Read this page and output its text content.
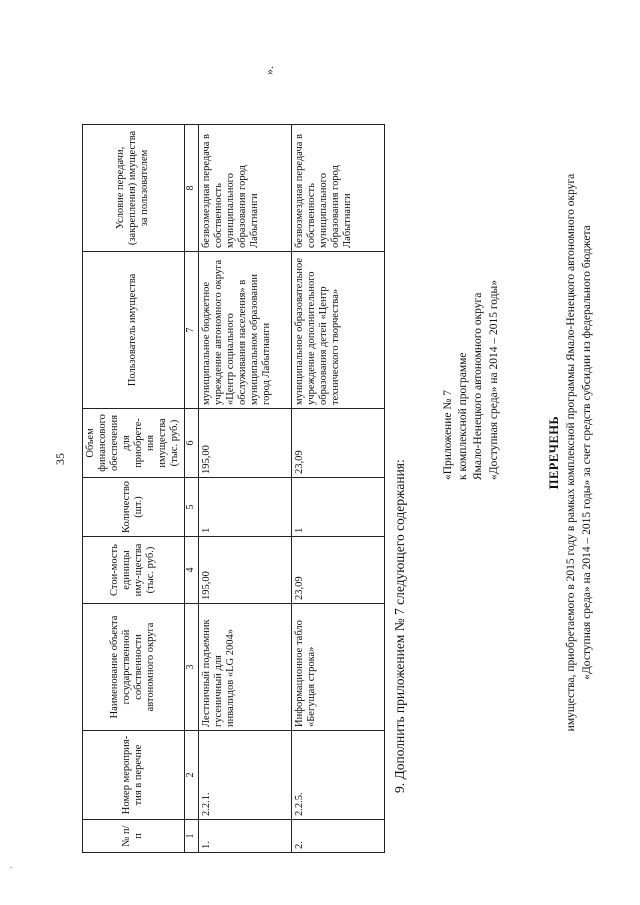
·
35
№ п/п	Номер мероприя-тия в перечне	Наименование объекта государственной собственности автономного округа	Стои-мость единицы иму-щества (тыс. руб.)	Количество (шт.)	Объем финансового обеспечения для приобрете-ния имущества (тыс. руб.)	Пользователь имущества	Условие передачи, (закрепления) имущества за пользователем
1	2	3	4	5	6	7	8
1.	2.2.1.	Лестничный подъемник гусеничный для инвалидов «LG 2004»	195,00	1	195,00	муниципальное бюджетное учреждение автономного округа «Центр социального обслуживания населения» в муниципальном образовании город Лабытнанги	безвозмездная передача в собственность муниципального образования город Лабытнанги
2.	2.2.5.	Информационное табло «Бегущая строка»	23,09	1	23,09	муниципальное образовательное учреждение дополнительного образования детей «Центр технического творчества»	безвозмездная передача в собственность муниципального образования город Лабытнанги
».
9. Дополнить приложением № 7 следующего содержания:
«Приложение № 7 к комплексной программе Ямало-Ненецкого автономного округа «Доступная среда» на 2014 – 2015 годы»	ПЕРЕЧЕНЬ имущества, приобретаемого в 2015 году в рамках комплексной программы Ямало-Ненецкого автономного округа «Доступная среда» на 2014 – 2015 годы» за счет средств субсидии из федерального бюджета
